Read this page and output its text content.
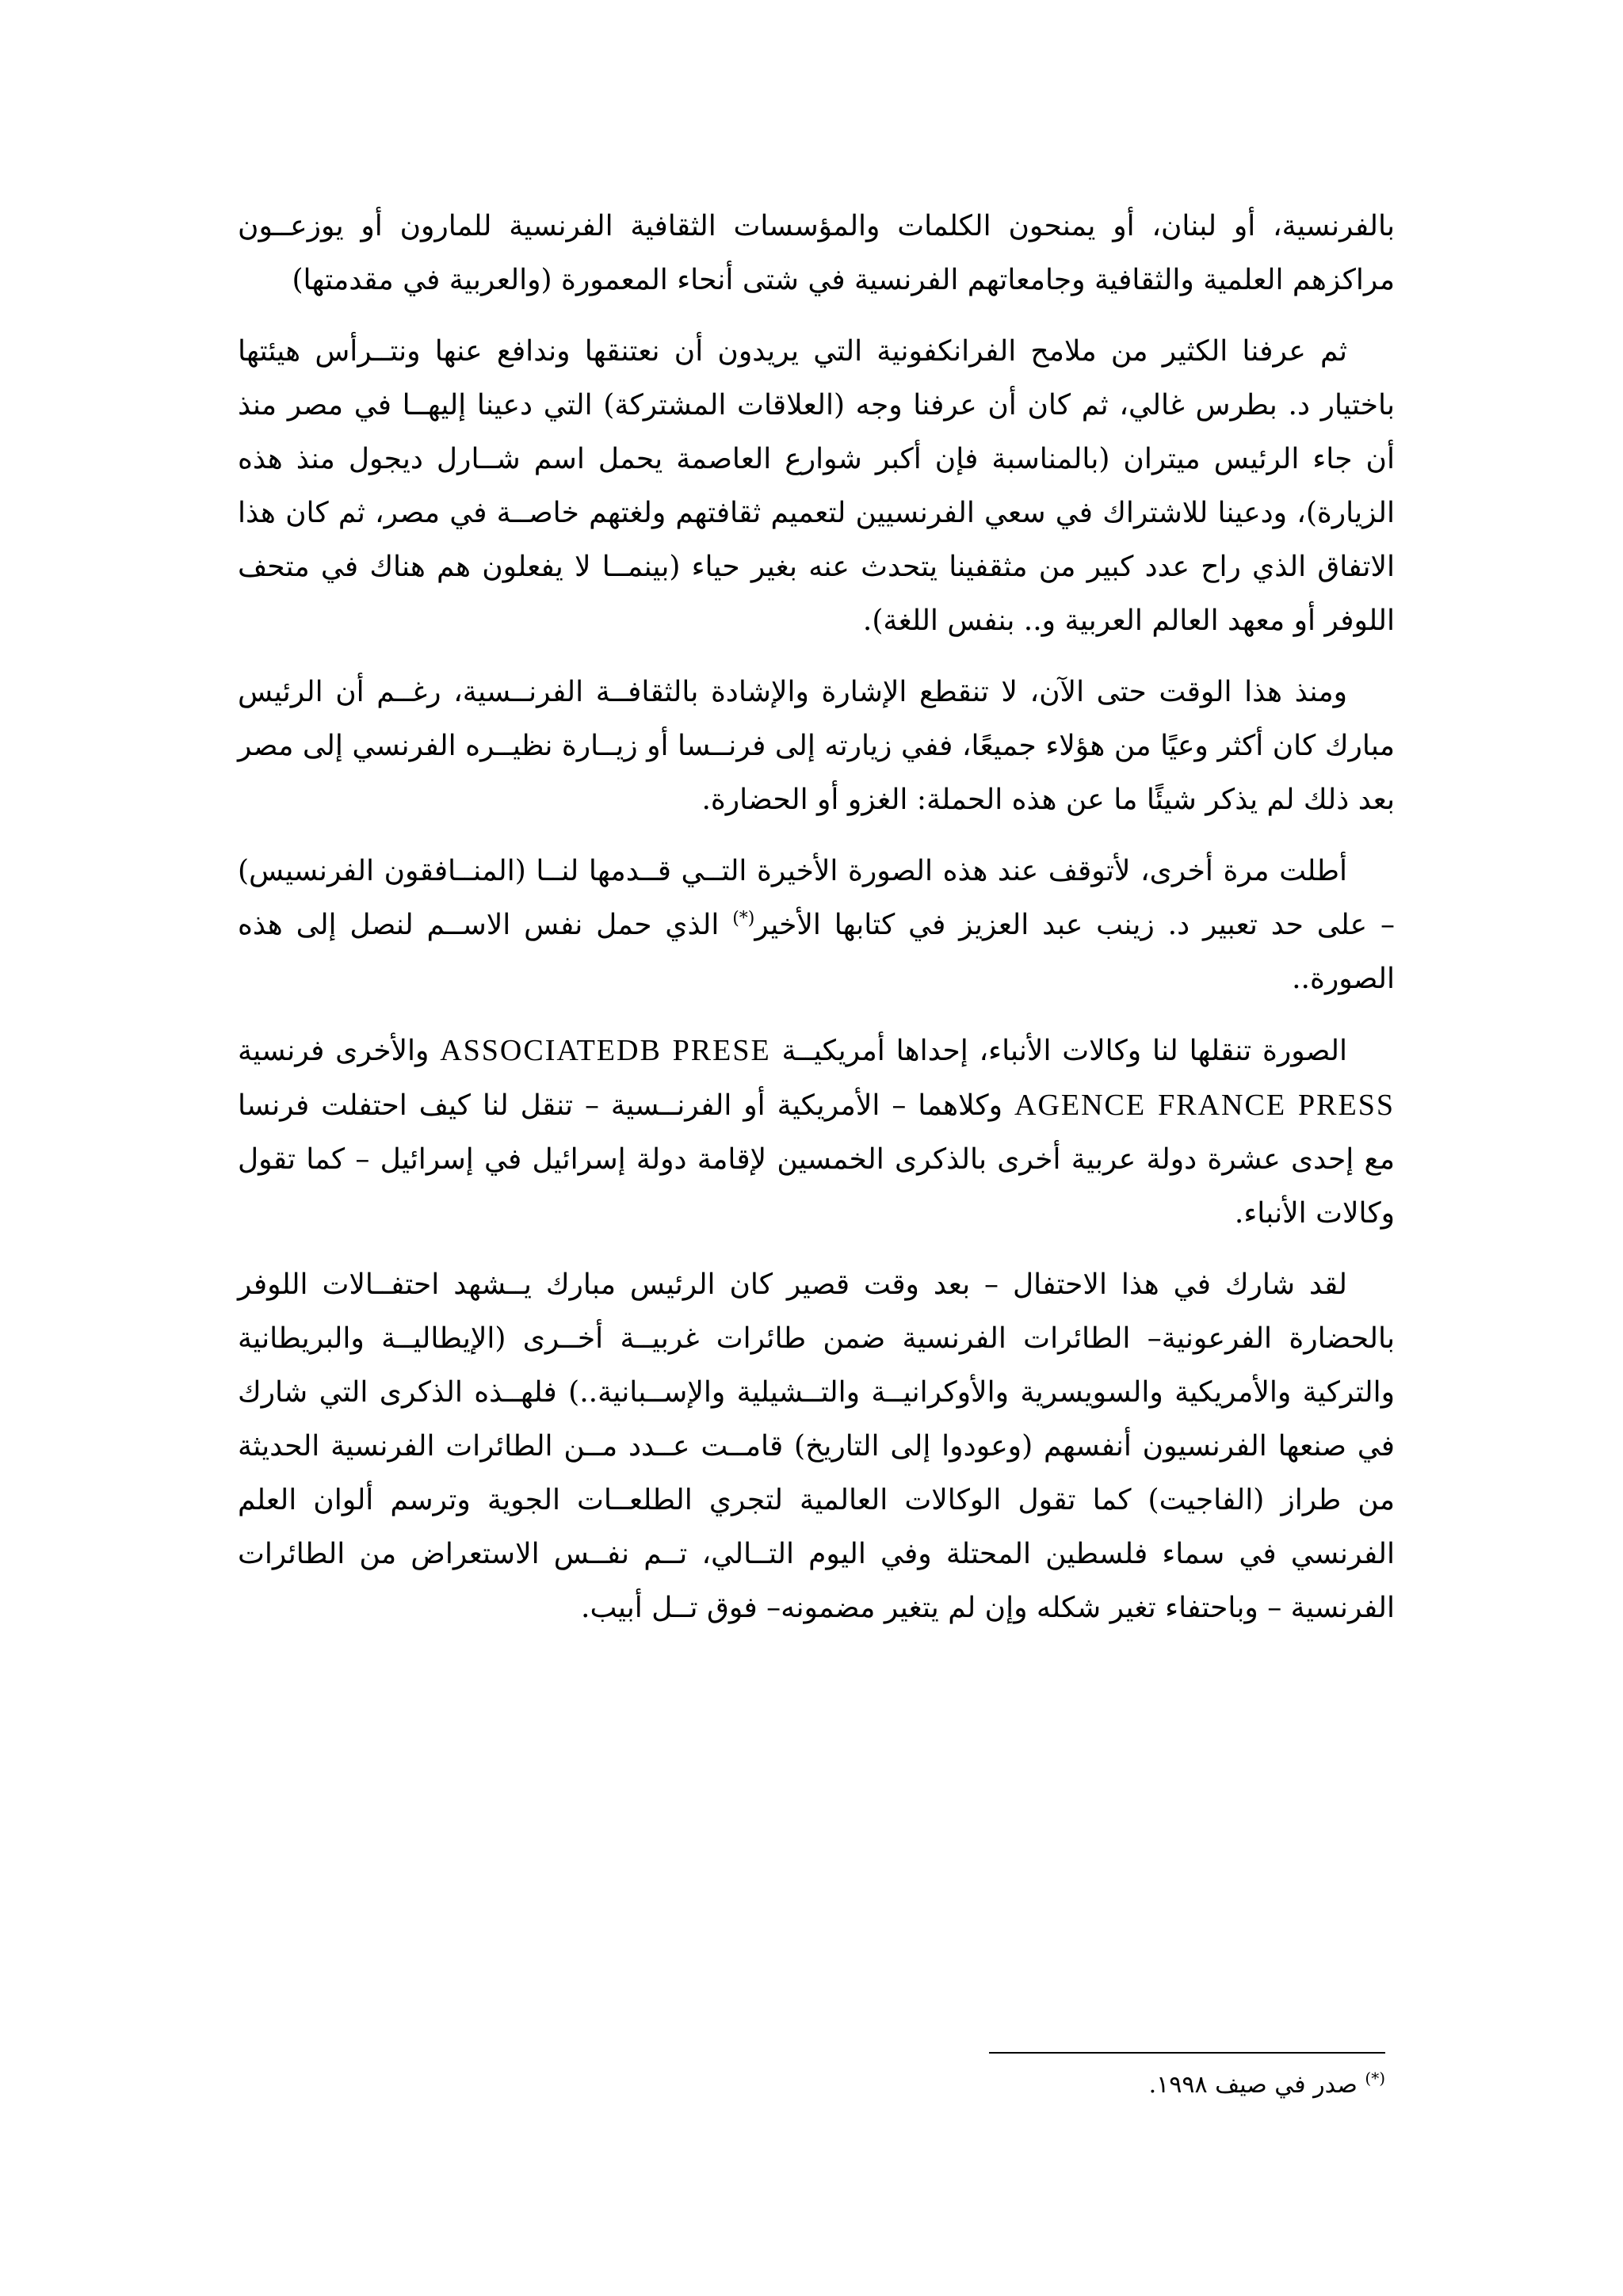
بالفرنسية، أو لبنان، أو يمنحون الكلمات والمؤسسات الثقافية الفرنسية للمارون أو يوزعــون مراكزهم العلمية والثقافية وجامعاتهم الفرنسية في شتى أنحاء المعمورة (والعربية في مقدمتها)

ثم عرفنا الكثير من ملامح الفرانكفونية التي يريدون أن نعتنقها وندافع عنها ونتــرأس هيئتها باختيار د. بطرس غالي، ثم كان أن عرفنا وجه (العلاقات المشتركة) التي دعينا إليهــا في مصر منذ أن جاء الرئيس ميتران (بالمناسبة فإن أكبر شوارع العاصمة يحمل اسم شــارل ديجول منذ هذه الزيارة)، ودعينا للاشتراك في سعي الفرنسيين لتعميم ثقافتهم ولغتهم خاصــة في مصر، ثم كان هذا الاتفاق الذي راح عدد كبير من مثقفينا يتحدث عنه بغير حياء (بينمــا لا يفعلون هم هناك في متحف اللوفر أو معهد العالم العربية و.. بنفس اللغة).

ومنذ هذا الوقت حتى الآن، لا تنقطع الإشارة والإشادة بالثقافــة الفرنــسية، رغــم أن الرئيس مبارك كان أكثر وعيًا من هؤلاء جميعًا، ففي زيارته إلى فرنــسا أو زيــارة نظيــره الفرنسي إلى مصر بعد ذلك لم يذكر شيئًا ما عن هذه الحملة: الغزو أو الحضارة.

أطلت مرة أخرى، لأتوقف عند هذه الصورة الأخيرة التــي قــدمها لنــا (المنــافقون الفرنسيس) – على حد تعبير د. زينب عبد العزيز في كتابها الأخير(*) الذي حمل نفس الاســم لنصل إلى هذه الصورة..

الصورة تنقلها لنا وكالات الأنباء، إحداها أمريكيــة ASSOCIATEDB PRESE والأخرى فرنسية AGENCE FRANCE PRESS وكلاهما – الأمريكية أو الفرنــسية – تنقل لنا كيف احتفلت فرنسا مع إحدى عشرة دولة عربية أخرى بالذكرى الخمسين لإقامة دولة إسرائيل في إسرائيل – كما تقول وكالات الأنباء.

لقد شارك في هذا الاحتفال – بعد وقت قصير كان الرئيس مبارك يــشهد احتفــالات اللوفر بالحضارة الفرعونية– الطائرات الفرنسية ضمن طائرات غربيــة أخــرى (الإيطاليــة والبريطانية والتركية والأمريكية والسويسرية والأوكرانيــة والتــشيلية والإســبانية..) فلهــذه الذكرى التي شارك في صنعها الفرنسيون أنفسهم (وعودوا إلى التاريخ) قامــت عــدد مــن الطائرات الفرنسية الحديثة من طراز (الفاجيت) كما تقول الوكالات العالمية لتجري الطلعــات الجوية وترسم ألوان العلم الفرنسي في سماء فلسطين المحتلة وفي اليوم التــالي، تــم نفــس الاستعراض من الطائرات الفرنسية – وباحتفاء تغير شكله وإن لم يتغير مضمونه– فوق تــل أبيب.

(*) صدر في صيف ١٩٩٨.
